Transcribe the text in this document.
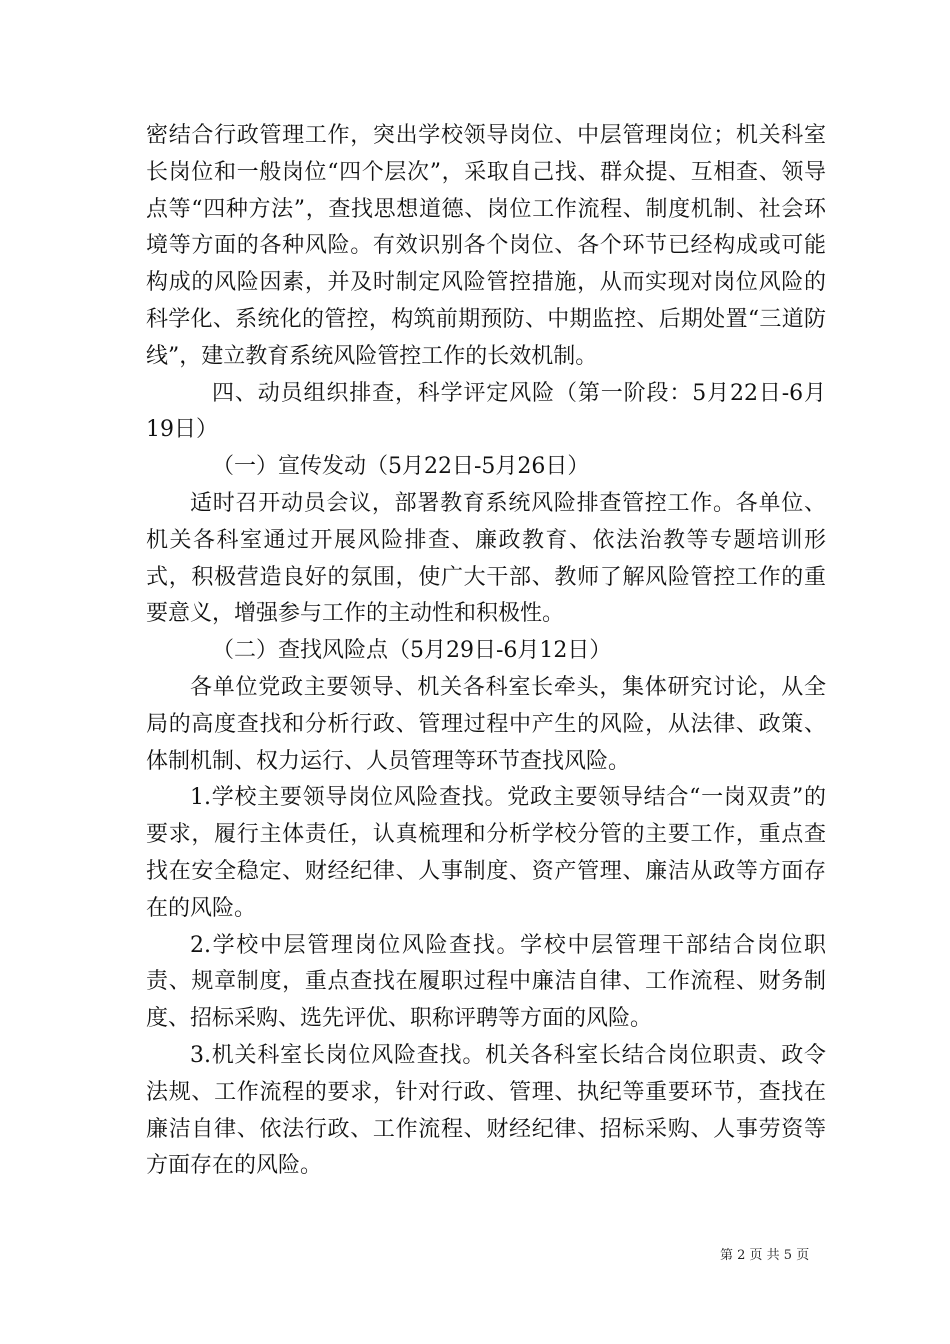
密结合行政管理工作，突出学校领导岗位、中层管理岗位；机关科室长岗位和一般岗位“四个层次”，采取自己找、群众提、互相查、领导点等“四种方法”，查找思想道德、岗位工作流程、制度机制、社会环境等方面的各种风险。有效识别各个岗位、各个环节已经构成或可能构成的风险因素，并及时制定风险管控措施，从而实现对岗位风险的科学化、系统化的管控，构筑前期预防、中期监控、后期处置“三道防线”，建立教育系统风险管控工作的长效机制。

四、动员组织排查，科学评定风险（第一阶段：5月22日-6月19日）

（一）宣传发动（5月22日-5月26日）

适时召开动员会议，部署教育系统风险排查管控工作。各单位、机关各科室通过开展风险排查、廉政教育、依法治教等专题培训形式，积极营造良好的氛围，使广大干部、教师了解风险管控工作的重要意义，增强参与工作的主动性和积极性。

（二）查找风险点（5月29日-6月12日）

各单位党政主要领导、机关各科室长牵头，集体研究讨论，从全局的高度查找和分析行政、管理过程中产生的风险，从法律、政策、体制机制、权力运行、人员管理等环节查找风险。

1.学校主要领导岗位风险查找。党政主要领导结合“一岗双责”的要求，履行主体责任，认真梳理和分析学校分管的主要工作，重点查找在安全稳定、财经纪律、人事制度、资产管理、廉洁从政等方面存在的风险。

2.学校中层管理岗位风险查找。学校中层管理干部结合岗位职责、规章制度，重点查找在履职过程中廉洁自律、工作流程、财务制度、招标采购、选先评优、职称评聘等方面的风险。

3.机关科室长岗位风险查找。机关各科室长结合岗位职责、政令法规、工作流程的要求，针对行政、管理、执纪等重要环节，查找在廉洁自律、依法行政、工作流程、财经纪律、招标采购、人事劳资等方面存在的风险。

第 2 页 共 5 页
